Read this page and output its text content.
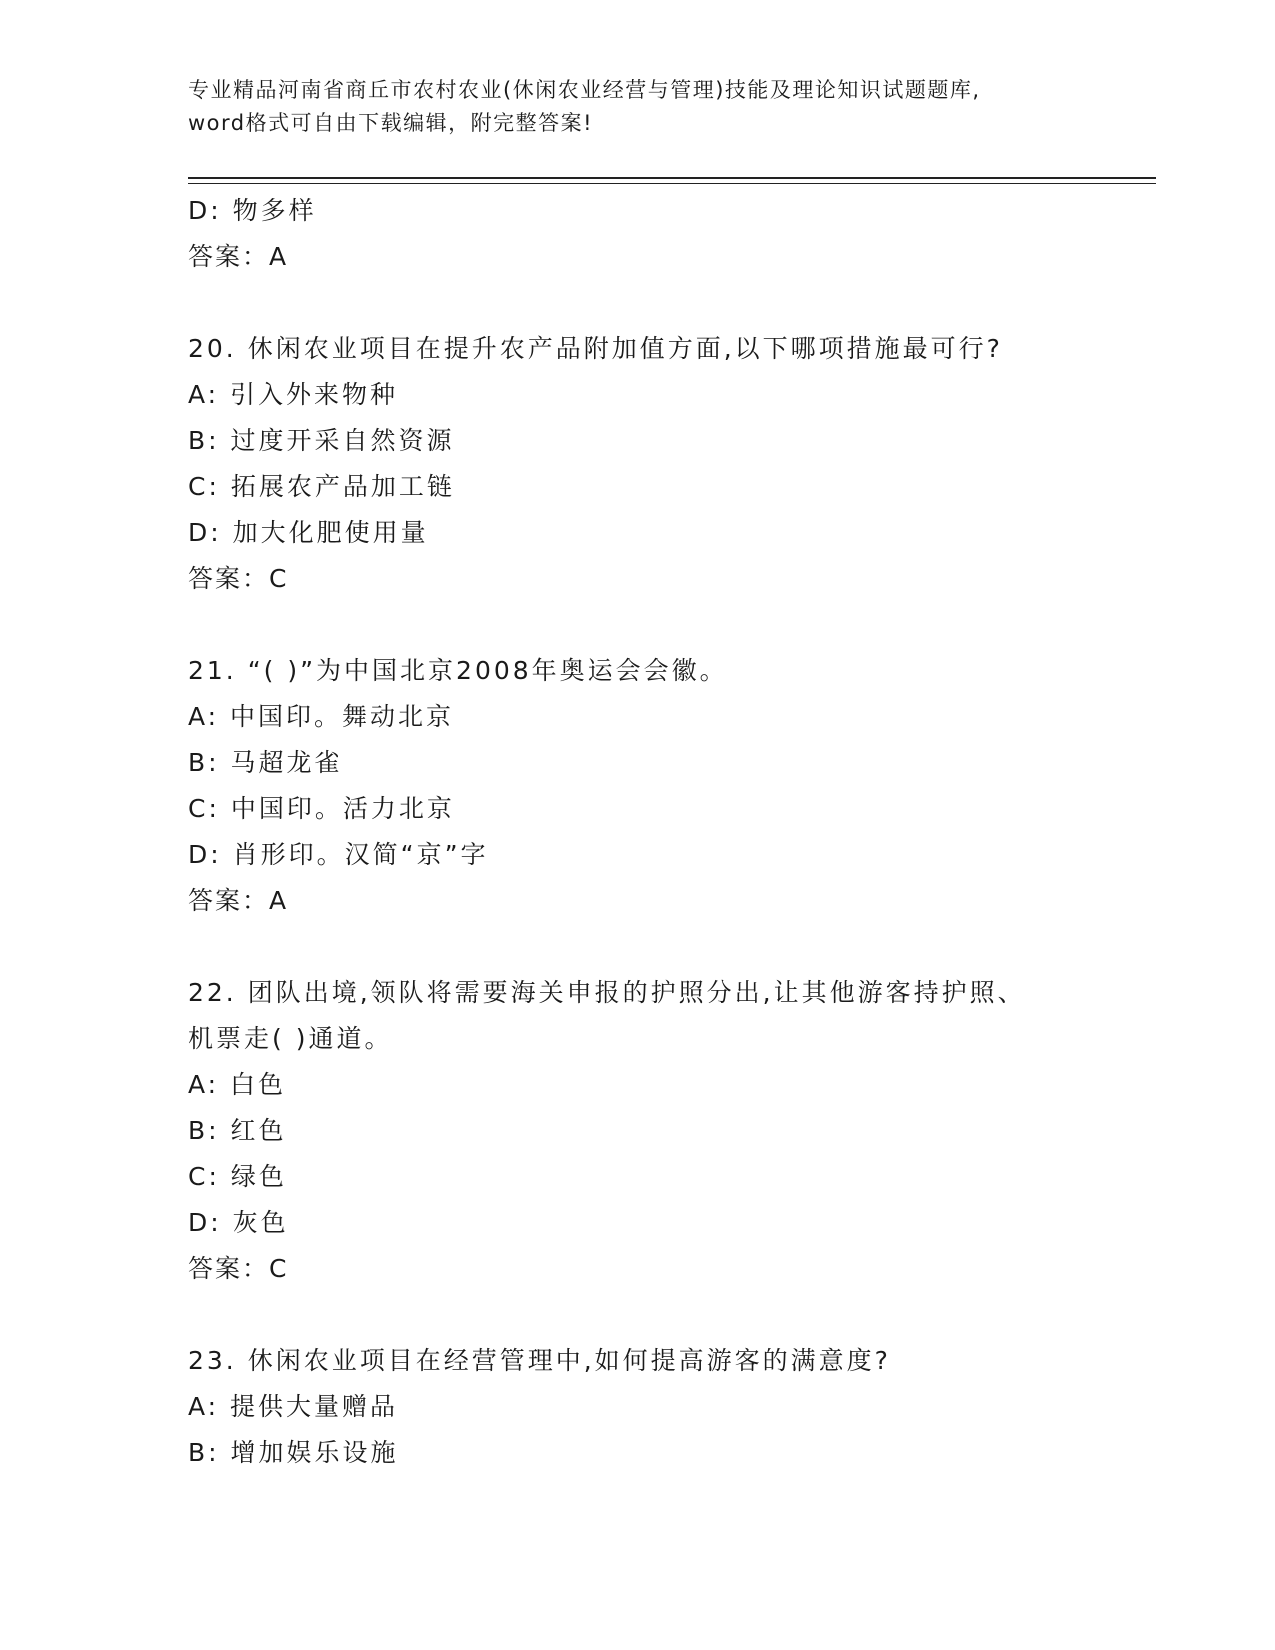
专业精品河南省商丘市农村农业(休闲农业经营与管理)技能及理论知识试题题库,
word格式可自由下载编辑，附完整答案!
D: 物多样
答案：A
20. 休闲农业项目在提升农产品附加值方面,以下哪项措施最可行?
A: 引入外来物种
B: 过度开采自然资源
C: 拓展农产品加工链
D: 加大化肥使用量
答案：C
21. “( )”为中国北京2008年奥运会会徽。
A: 中国印。舞动北京
B: 马超龙雀
C: 中国印。活力北京
D: 肖形印。汉简“京”字
答案：A
22. 团队出境,领队将需要海关申报的护照分出,让其他游客持护照、
机票走( )通道。
A: 白色
B: 红色
C: 绿色
D: 灰色
答案：C
23. 休闲农业项目在经营管理中,如何提高游客的满意度?
A: 提供大量赠品
B: 增加娱乐设施
